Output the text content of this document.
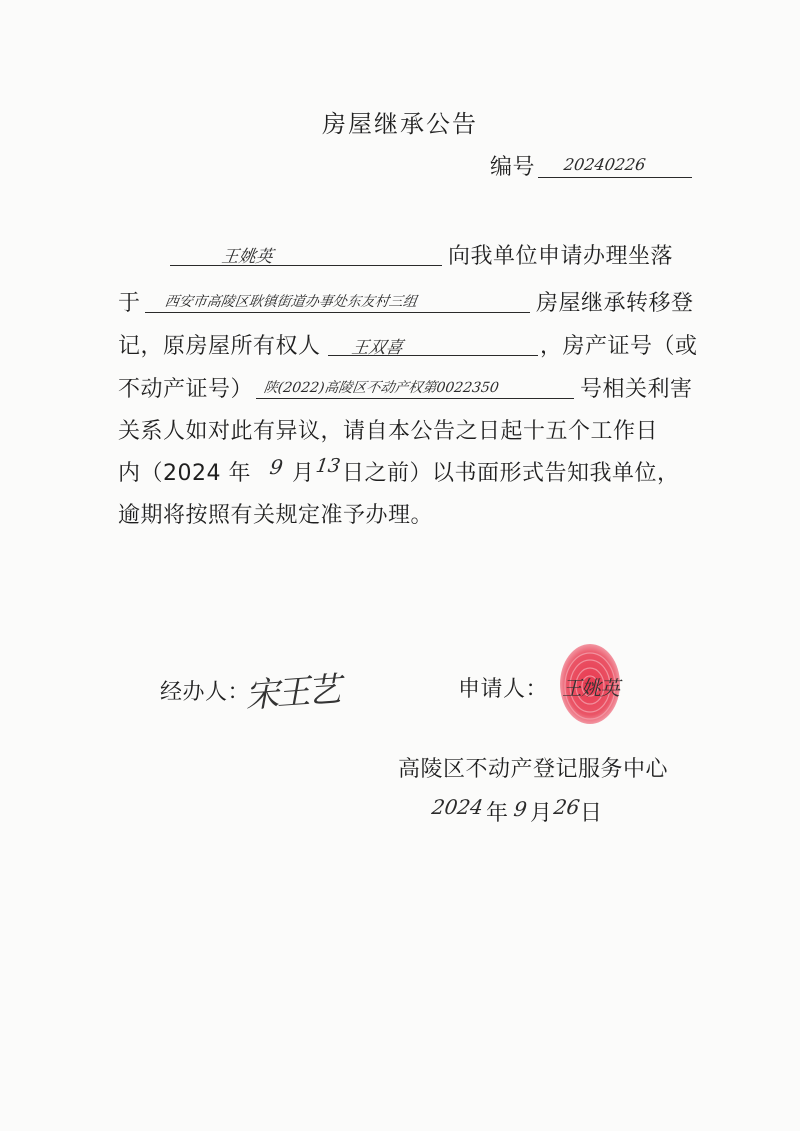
房屋继承公告
编号 20240226
王姚英	向我单位申请办理坐落
于 西安市高陵区耿镇街道办事处东友村三组	房屋继承转移登
记，原房屋所有权人 王双喜	，房产证号（或
不动产证号） 陕(2022)高陵区不动产权第0022350	号相关利害
关系人如对此有异议，请自本公告之日起十五个工作日
内（2024 年 9 月 13 日之前）以书面形式告知我单位，
逾期将按照有关规定准予办理。
经办人：
宋王艺	申请人： 王姚英
高陵区不动产登记服务中心
2024 年 9 月 26
日
